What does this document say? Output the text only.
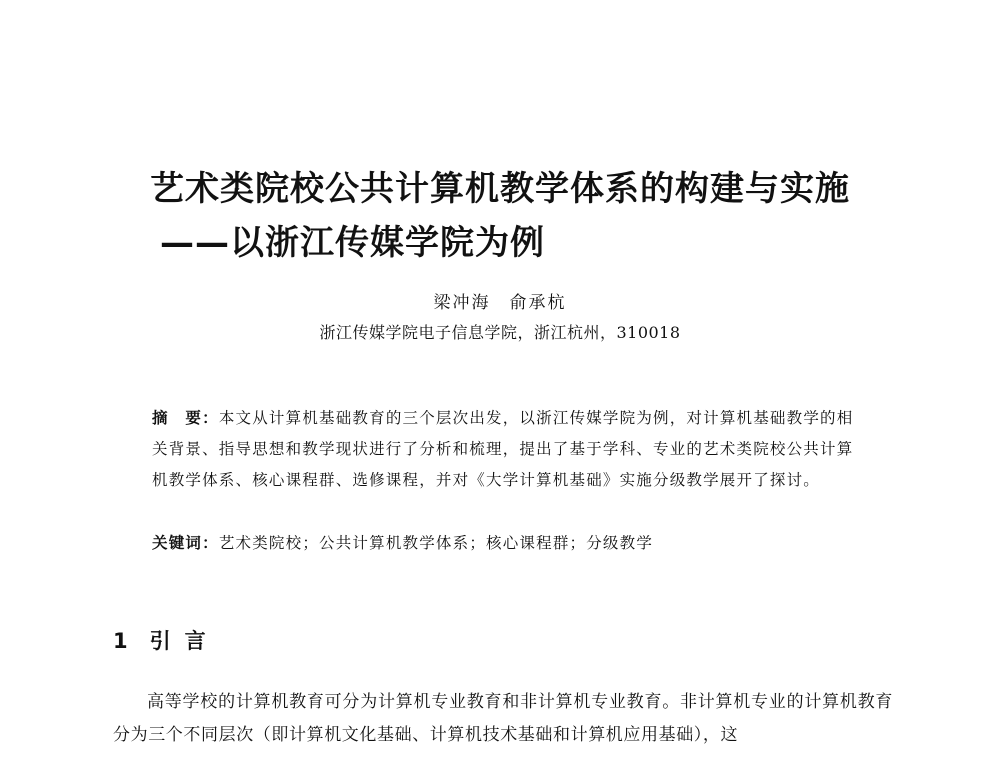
艺术类院校公共计算机教学体系的构建与实施
——以浙江传媒学院为例
梁冲海　俞承杭
浙江传媒学院电子信息学院，浙江杭州，310018
摘　要：本文从计算机基础教育的三个层次出发，以浙江传媒学院为例，对计算机基础教学的相关背景、指导思想和教学现状进行了分析和梳理，提出了基于学科、专业的艺术类院校公共计算机教学体系、核心课程群、选修课程，并对《大学计算机基础》实施分级教学展开了探讨。
关键词：艺术类院校；公共计算机教学体系；核心课程群；分级教学
1 引言
高等学校的计算机教育可分为计算机专业教育和非计算机专业教育。非计算机专业的计算机教育分为三个不同层次（即计算机文化基础、计算机技术基础和计算机应用基础），这
